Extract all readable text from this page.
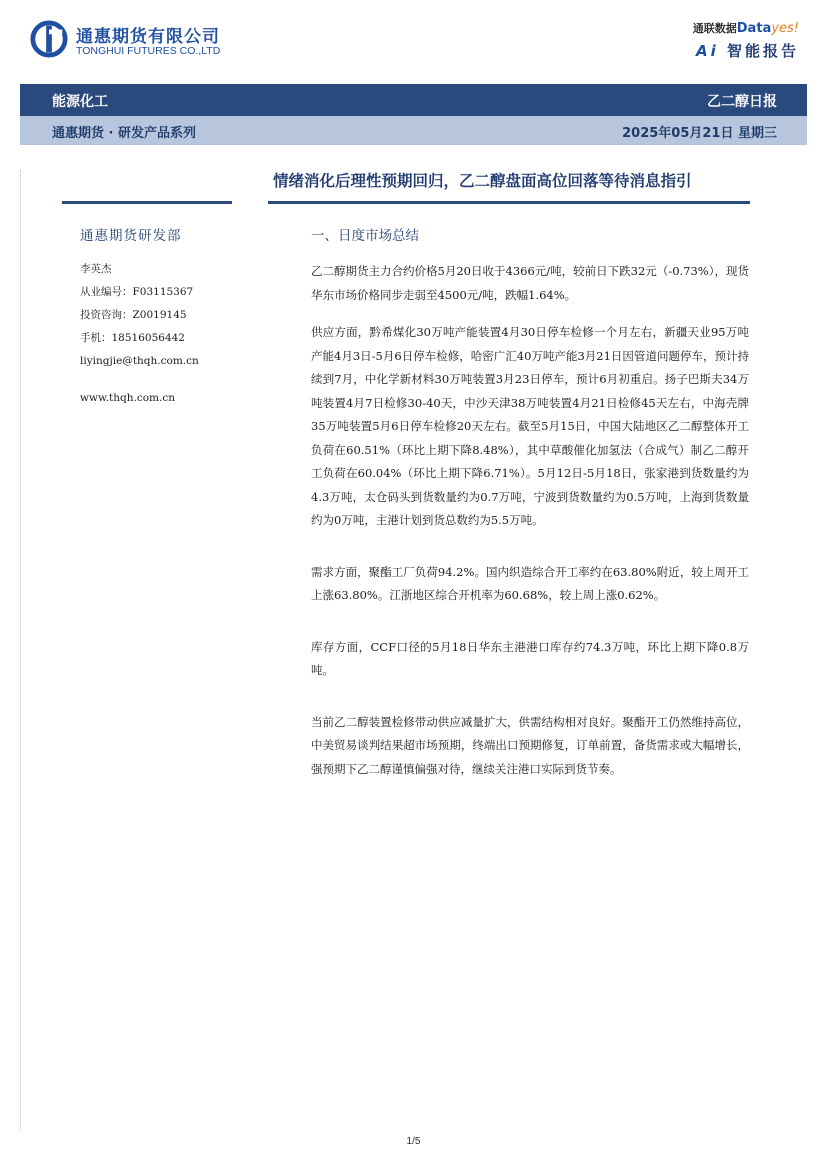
通惠期货有限公司
TONGHUI FUTURES CO.,LTD
通联数据Datayes!
Ai 智能报告
能源化工	乙二醇日报
通惠期货 · 研发产品系列	2025年05月21日 星期三
情绪消化后理性预期回归，乙二醇盘面高位回落等待消息指引
通惠期货研发部
李英杰
从业编号：F03115367
投资咨询：Z0019145
手机：18516056442
liyingjie@thqh.com.cn
www.thqh.com.cn
一、日度市场总结

乙二醇期货主力合约价格5月20日收于4366元/吨，较前日下跌32元（-0.73%），现货华东市场价格同步走弱至4500元/吨，跌幅1.64%。

供应方面，黔希煤化30万吨产能装置4月30日停车检修一个月左右，新疆天业95万吨产能4月3日-5月6日停车检修，哈密广汇40万吨产能3月21日因管道问题停车，预计持续到7月，中化学新材料30万吨装置3月23日停车，预计6月初重启。扬子巴斯夫34万吨装置4月7日检修30-40天，中沙天津38万吨装置4月21日检修45天左右，中海壳牌35万吨装置5月6日停车检修20天左右。截至5月15日，中国大陆地区乙二醇整体开工负荷在60.51%（环比上期下降8.48%），其中草酸催化加氢法（合成气）制乙二醇开工负荷在60.04%（环比上期下降6.71%）。5月12日-5月18日，张家港到货数量约为4.3万吨，太仓码头到货数量约为0.7万吨，宁波到货数量约为0.5万吨，上海到货数量约为0万吨，主港计划到货总数约为5.5万吨。

需求方面，聚酯工厂负荷94.2%。国内织造综合开工率约在63.80%附近，较上周开工上涨63.80%。江浙地区综合开机率为60.68%，较上周上涨0.62%。

库存方面，CCF口径的5月18日华东主港港口库存约74.3万吨，环比上期下降0.8万吨。

当前乙二醇装置检修带动供应减量扩大，供需结构相对良好。聚酯开工仍然维持高位，中美贸易谈判结果超市场预期，终端出口预期修复，订单前置，备货需求或大幅增长，强预期下乙二醇谨慎偏强对待，继续关注港口实际到货节奏。

1/5
